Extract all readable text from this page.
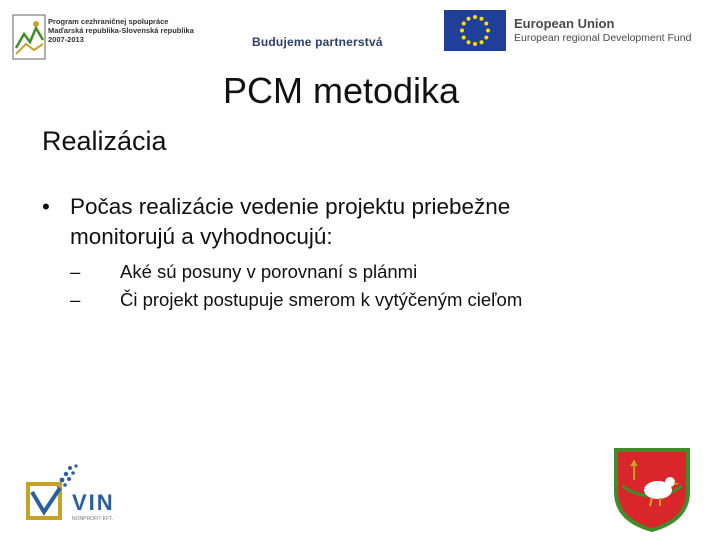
Program cezhraničnej spolupráce
Maďarská republika-Slovenská republika
2007-2013	Budujeme partnerstvá
European Union
European regional Development Fund
PCM metodika
Realizácia
• Počas realizácie vedenie projektu priebežne
monitorujú a vyhodnocujú:
– Aké sú posuny v porovnaní s plánmi
– Či projekt postupuje smerom k vytýčeným cieľom
VIN
NONPROFIT KFT.
